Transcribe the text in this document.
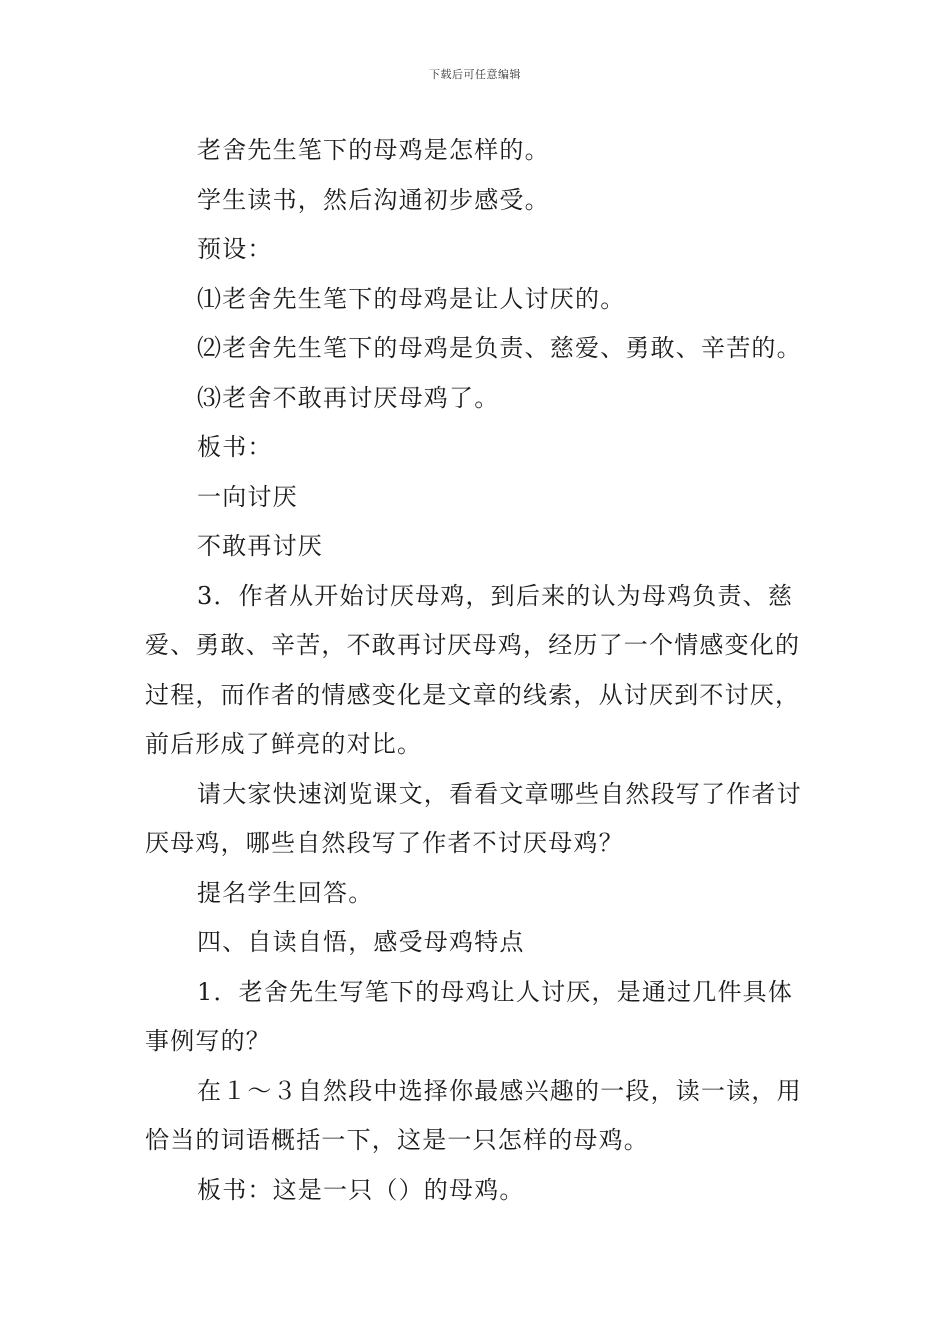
下载后可任意编辑

老舍先生笔下的母鸡是怎样的。

学生读书，然后沟通初步感受。

预设：

⑴老舍先生笔下的母鸡是让人讨厌的。

⑵老舍先生笔下的母鸡是负责、慈爱、勇敢、辛苦的。

⑶老舍不敢再讨厌母鸡了。

板书：

一向讨厌

不敢再讨厌

3．作者从开始讨厌母鸡，到后来的认为母鸡负责、慈爱、勇敢、辛苦，不敢再讨厌母鸡，经历了一个情感变化的过程，而作者的情感变化是文章的线索，从讨厌到不讨厌，前后形成了鲜亮的对比。

请大家快速浏览课文，看看文章哪些自然段写了作者讨厌母鸡，哪些自然段写了作者不讨厌母鸡？

提名学生回答。

四、自读自悟，感受母鸡特点

1．老舍先生写笔下的母鸡让人讨厌，是通过几件具体事例写的？

在１～３自然段中选择你最感兴趣的一段，读一读，用恰当的词语概括一下，这是一只怎样的母鸡。

板书：这是一只（）的母鸡。
